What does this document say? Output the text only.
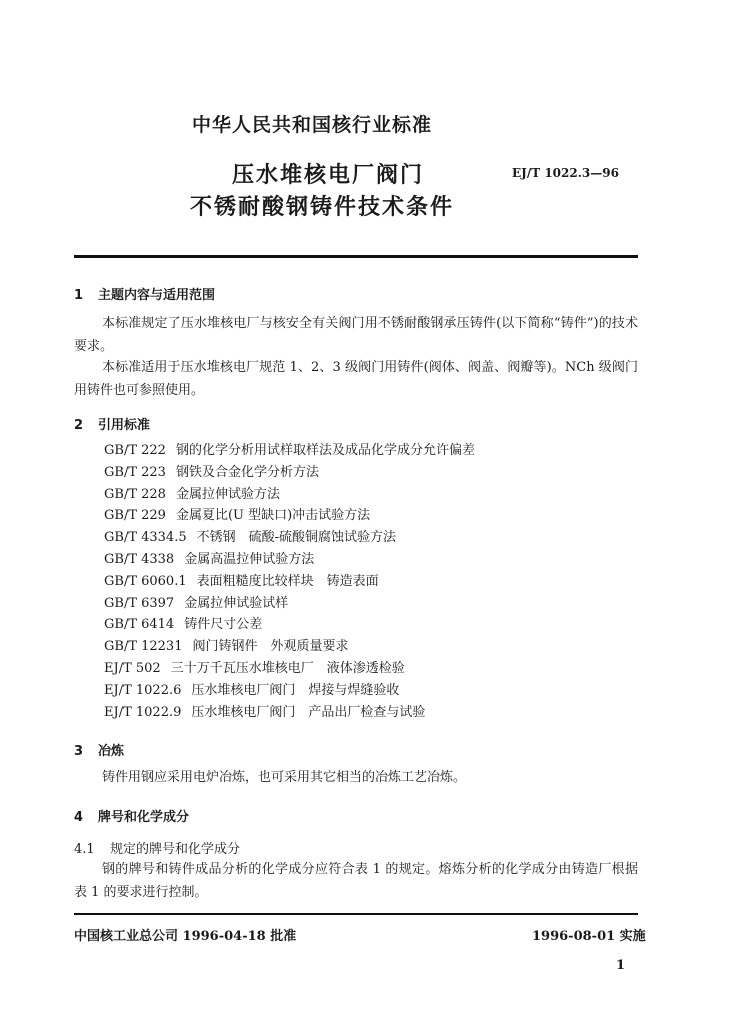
中华人民共和国核行业标准
压水堆核电厂阀门
不锈耐酸钢铸件技术条件
EJ/T 1022.3—96
1 主题内容与适用范围
本标准规定了压水堆核电厂与核安全有关阀门用不锈耐酸钢承压铸件(以下简称“铸件”)的技术要求。
本标准适用于压水堆核电厂规范 1、2、3 级阀门用铸件(阀体、阀盖、阀瓣等)。NCh 级阀门用铸件也可参照使用。
2 引用标准
GB/T 222 钢的化学分析用试样取样法及成品化学成分允许偏差
GB/T 223 钢铁及合金化学分析方法
GB/T 228 金属拉伸试验方法
GB/T 229 金属夏比(U 型缺口)冲击试验方法
GB/T 4334.5 不锈钢　硫酸-硫酸铜腐蚀试验方法
GB/T 4338 金属高温拉伸试验方法
GB/T 6060.1 表面粗糙度比较样块　铸造表面
GB/T 6397 金属拉伸试验试样
GB/T 6414 铸件尺寸公差
GB/T 12231 阀门铸钢件　外观质量要求
EJ/T 502 三十万千瓦压水堆核电厂　液体渗透检验
EJ/T 1022.6 压水堆核电厂阀门　焊接与焊缝验收
EJ/T 1022.9 压水堆核电厂阀门　产品出厂检查与试验
3 冶炼
铸件用钢应采用电炉冶炼，也可采用其它相当的冶炼工艺冶炼。
4 牌号和化学成分
4.1 规定的牌号和化学成分
钢的牌号和铸件成品分析的化学成分应符合表 1 的规定。熔炼分析的化学成分由铸造厂根据表 1 的要求进行控制。
中国核工业总公司 1996-04-18 批准	1996-08-01 实施
1
